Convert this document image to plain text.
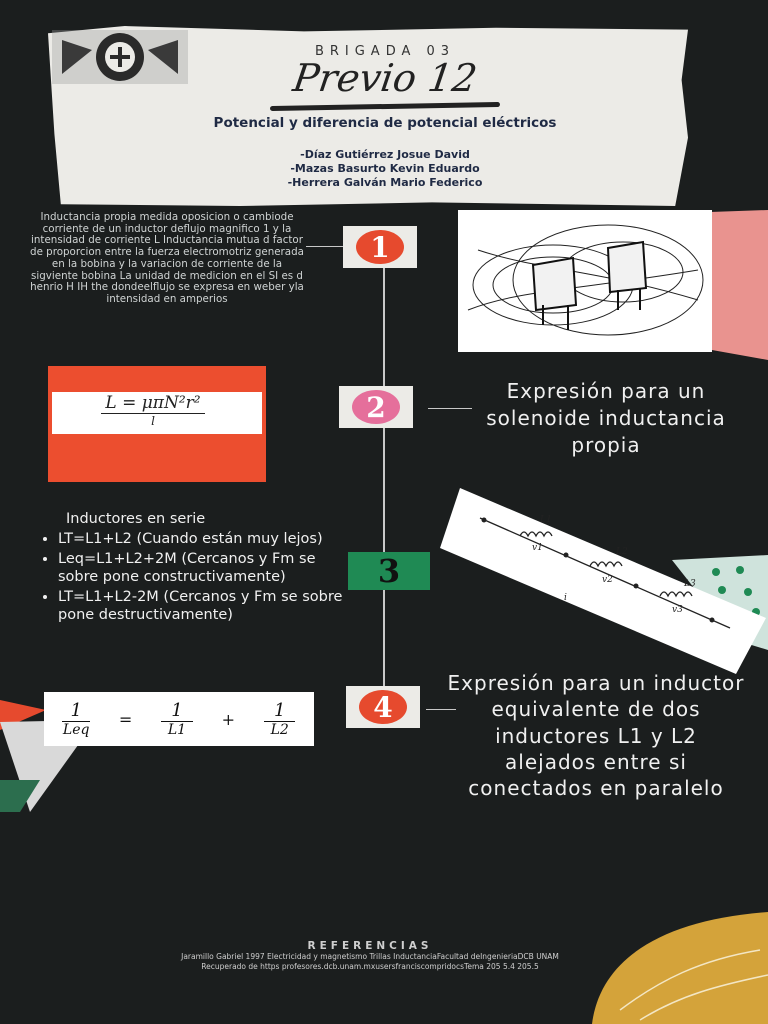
BRIGADA 03
Previo 12
Potencial y diferencia de potencial eléctricos
-Díaz Gutiérrez Josue David
-Mazas Basurto Kevin Eduardo
-Herrera Galván Mario Federico
Inductancia propia medida oposicion o cambiode corriente de un inductor deflujo magnifico 1 y la intensidad de corriente L Inductancia mutua d factor de proporcion entre la fuerza electromotriz generada en la bobina y la variacion de corriente de la sigviente bobina La unidad de medicion en el SI es d henrio H IH the dondeelflujo se expresa en weber yla intensidad en amperios
1
L = μπN²r²
l	2	Expresión para un solenoide inductancia propia
Inductores en serie
• LT=L1+L2 (Cuando están muy lejos)
• Leq=L1+L2+2M (Cercanos y Fm se sobre pone constructivamente)
• LT=L1+L2-2M (Cercanos y Fm se sobre pone destructivamente)
3
L1
L2
L3
v1
v2
v3
i
1
Leq
=	1
L1
+	1
L2
4
Expresión para un inductor equivalente de dos inductores L1 y L2 alejados entre si conectados en paralelo
REFERENCIAS
Jaramillo Gabriel 1997 Electricidad y magnetismo Trillas InductanciaFacultad deIngenieriaDCB UNAM Recuperado de https profesores.dcb.unam.mxusersfranciscompridocsTema 205 5.4 205.5
